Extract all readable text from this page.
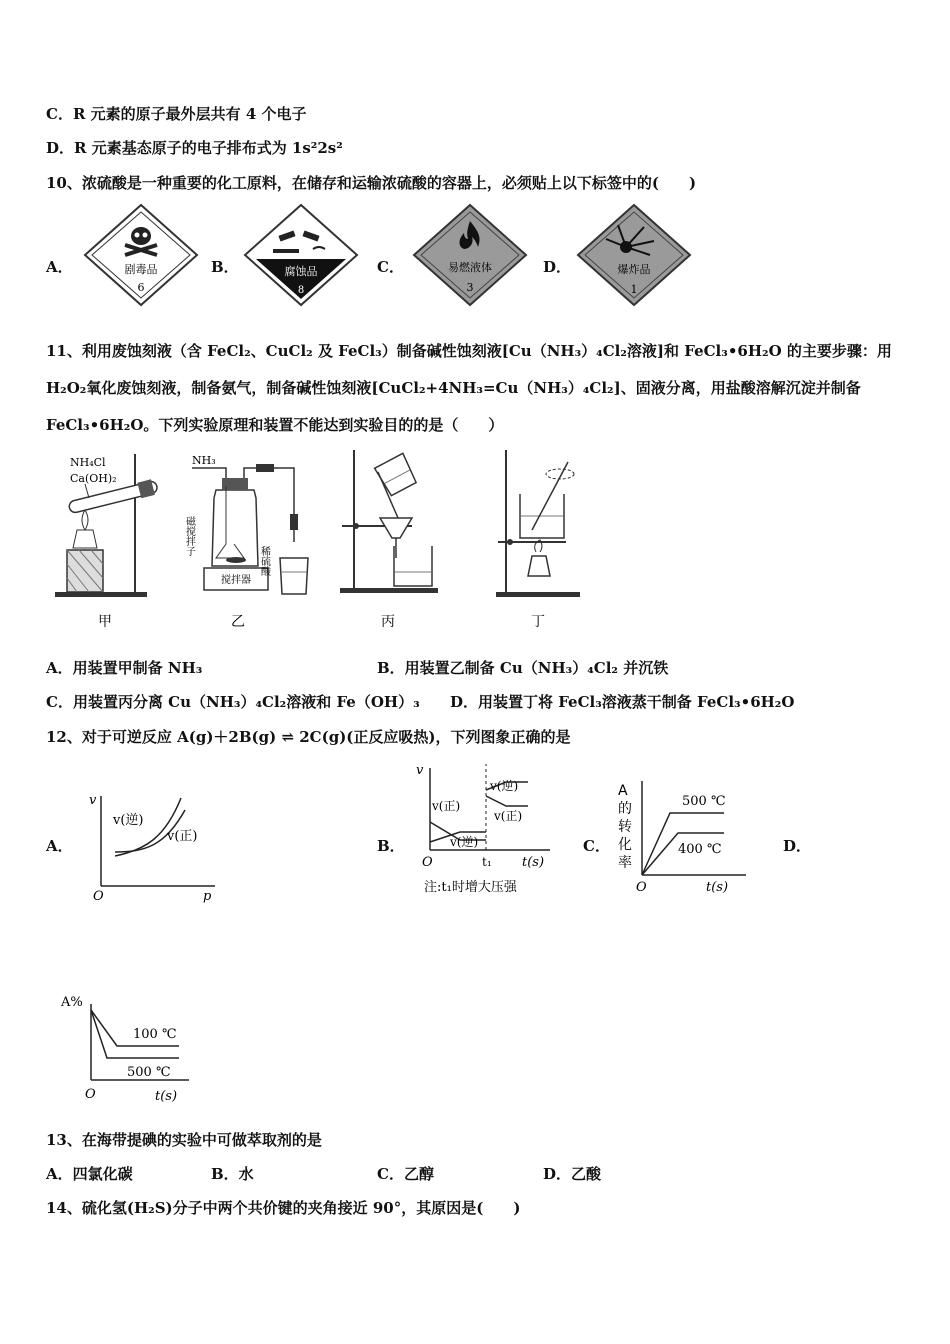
C．R 元素的原子最外层共有 4 个电子
D．R 元素基态原子的电子排布式为 1s²2s²
10、浓硫酸是一种重要的化工原料，在储存和运输浓硫酸的容器上，必须贴上以下标签中的(　　)
A．	剧毒品
6
B．	腐蚀品
8
C．	易燃液体
3
D．	爆炸品
1
11、利用废蚀刻液（含 FeCl₂、CuCl₂ 及 FeCl₃）制备碱性蚀刻液[Cu（NH₃）₄Cl₂溶液]和 FeCl₃•6H₂O 的主要步骤：用
H₂O₂氧化废蚀刻液，制备氨气，制备碱性蚀刻液[CuCl₂+4NH₃=Cu（NH₃）₄Cl₂]、固液分离，用盐酸溶解沉淀并制备
FeCl₃•6H₂O。下列实验原理和装置不能达到实验目的的是（　　）
NH₄Cl
Ca(OH)₂
甲
NH₃
搅拌器
磁搅拌子
稀硫酸
乙	丙	丁
A．用装置甲制备 NH₃	B．用装置乙制备 Cu（NH₃）₄Cl₂ 并沉铁
C．用装置丙分离 Cu（NH₃）₄Cl₂溶液和 Fe（OH）₃ D．用装置丁将 FeCl₃溶液蒸干制备 FeCl₃•6H₂O
12、对于可逆反应 A(g)＋2B(g) ⇌ 2C(g)(正反应吸热)，下列图象正确的是
A．
v
p
O
v(逆)
v(正)
B．
v
O	t₁ t(s)
v(正)
v(逆)
v(逆)
v(正)
注:t₁时增大压强
C．
A
的
转
化
率
500 ℃
400 ℃
O	t(s)
D．
A%
100 ℃
500 ℃
O	t(s)
13、在海带提碘的实验中可做萃取剂的是
A．四氯化碳	B．水	C．乙醇	D．乙酸
14、硫化氢(H₂S)分子中两个共价键的夹角接近 90°，其原因是(　　)
